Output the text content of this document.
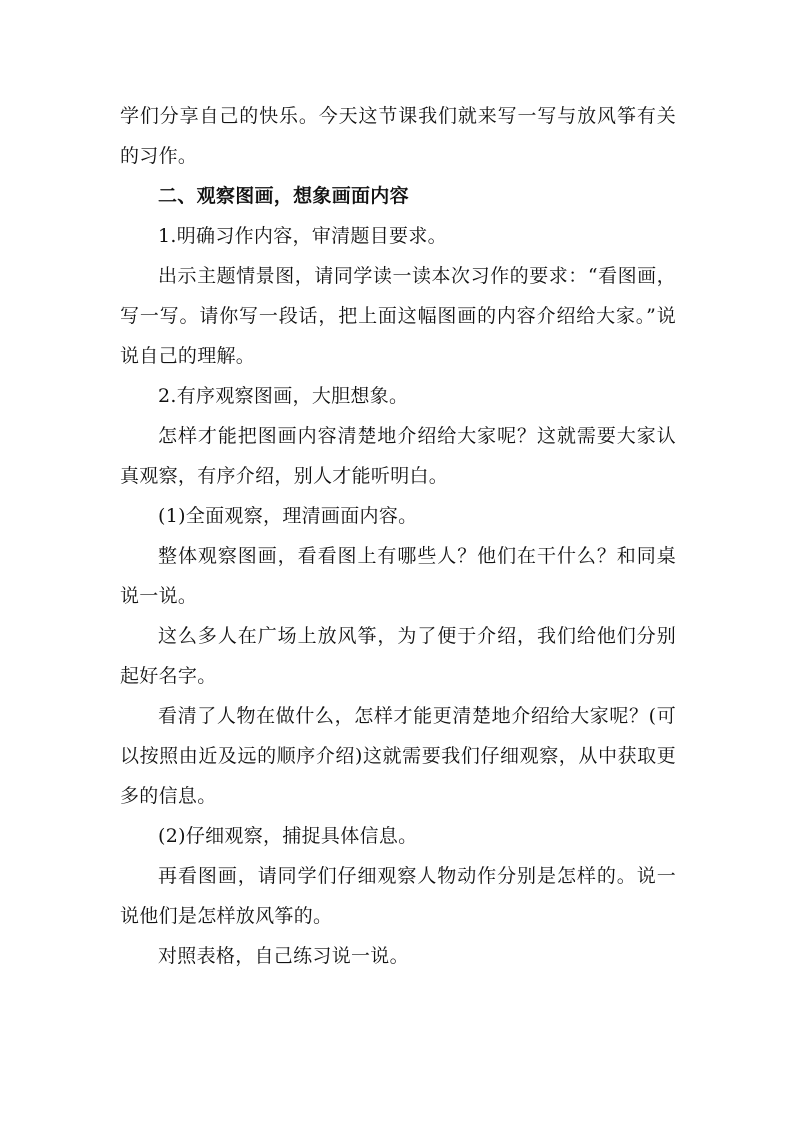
学们分享自己的快乐。今天这节课我们就来写一写与放风筝有关的习作。

二、观察图画，想象画面内容

1.明确习作内容，审清题目要求。

出示主题情景图，请同学读一读本次习作的要求：“看图画，写一写。请你写一段话，把上面这幅图画的内容介绍给大家。”说说自己的理解。

2.有序观察图画，大胆想象。

怎样才能把图画内容清楚地介绍给大家呢？这就需要大家认真观察，有序介绍，别人才能听明白。

(1)全面观察，理清画面内容。

整体观察图画，看看图上有哪些人？他们在干什么？和同桌说一说。

这么多人在广场上放风筝，为了便于介绍，我们给他们分别起好名字。

看清了人物在做什么，怎样才能更清楚地介绍给大家呢？(可以按照由近及远的顺序介绍)这就需要我们仔细观察，从中获取更多的信息。

(2)仔细观察，捕捉具体信息。

再看图画，请同学们仔细观察人物动作分别是怎样的。说一说他们是怎样放风筝的。

对照表格，自己练习说一说。
